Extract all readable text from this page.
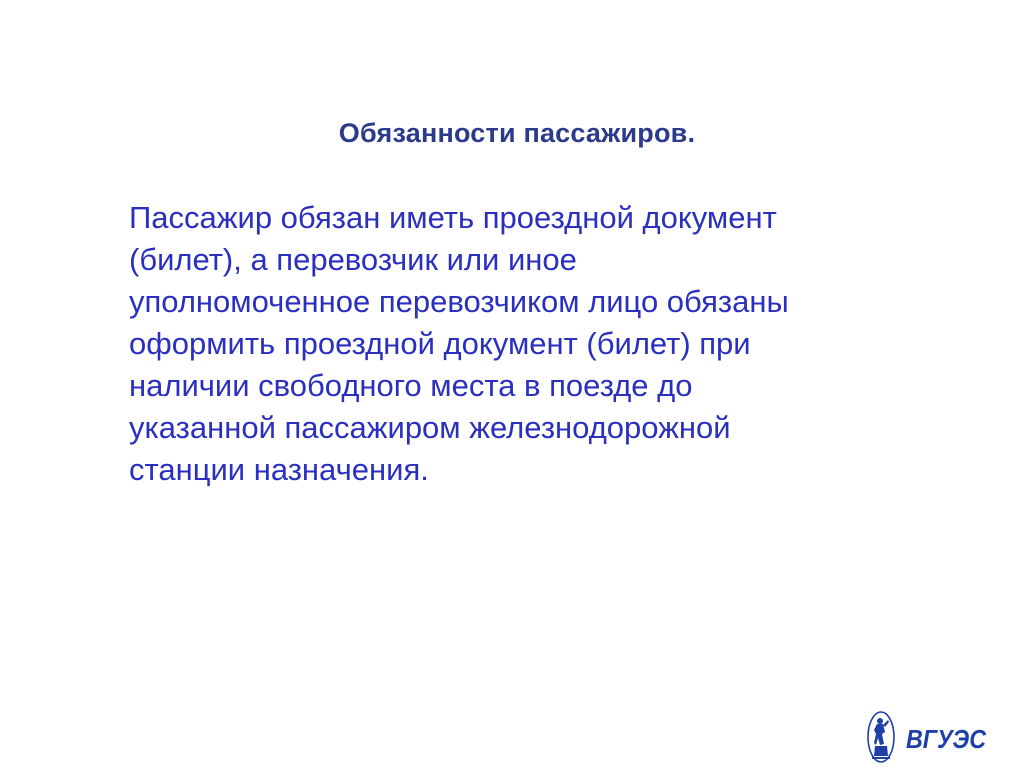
Обязанности пассажиров.
Пассажир обязан иметь проездной документ
(билет), а перевозчик или иное
уполномоченное перевозчиком лицо обязаны
оформить проездной документ (билет) при
наличии свободного места в поезде до
указанной пассажиром железнодорожной
станции назначения.
ВГУЭС
